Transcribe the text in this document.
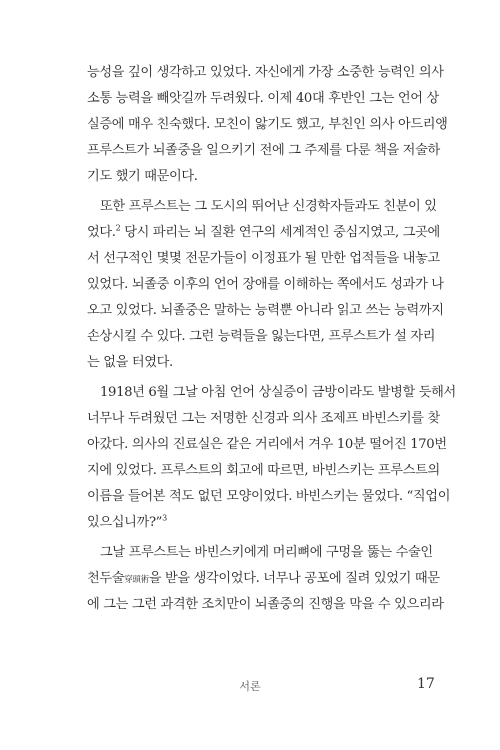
능성을 깊이 생각하고 있었다. 자신에게 가장 소중한 능력인 의사
소통 능력을 빼앗길까 두려웠다. 이제 40대 후반인 그는 언어 상
실증에 매우 친숙했다. 모친이 앓기도 했고, 부친인 의사 아드리앵
프루스트가 뇌졸중을 일으키기 전에 그 주제를 다룬 책을 저술하
기도 했기 때문이다.
또한 프루스트는 그 도시의 뛰어난 신경학자들과도 친분이 있
었다.$^2$ 당시 파리는 뇌 질환 연구의 세계적인 중심지였고, 그곳에
서 선구적인 몇몇 전문가들이 이정표가 될 만한 업적들을 내놓고
있었다. 뇌졸중 이후의 언어 장애를 이해하는 쪽에서도 성과가 나
오고 있었다. 뇌졸중은 말하는 능력뿐 아니라 읽고 쓰는 능력까지
손상시킬 수 있다. 그런 능력들을 잃는다면, 프루스트가 설 자리
는 없을 터였다.
1918년 6월 그날 아침 언어 상실증이 금방이라도 발병할 듯해서
너무나 두려웠던 그는 저명한 신경과 의사 조제프 바빈스키를 찾
아갔다. 의사의 진료실은 같은 거리에서 겨우 10분 떨어진 170번
지에 있었다. 프루스트의 회고에 따르면, 바빈스키는 프루스트의
이름을 들어본 적도 없던 모양이었다. 바빈스키는 물었다. “직업이
있으십니까?”$^3$
그날 프루스트는 바빈스키에게 머리뼈에 구멍을 뚫는 수술인
천두술穿頭術을 받을 생각이었다. 너무나 공포에 질려 있었기 때문
에 그는 그런 과격한 조치만이 뇌졸중의 진행을 막을 수 있으리라
서론	17
